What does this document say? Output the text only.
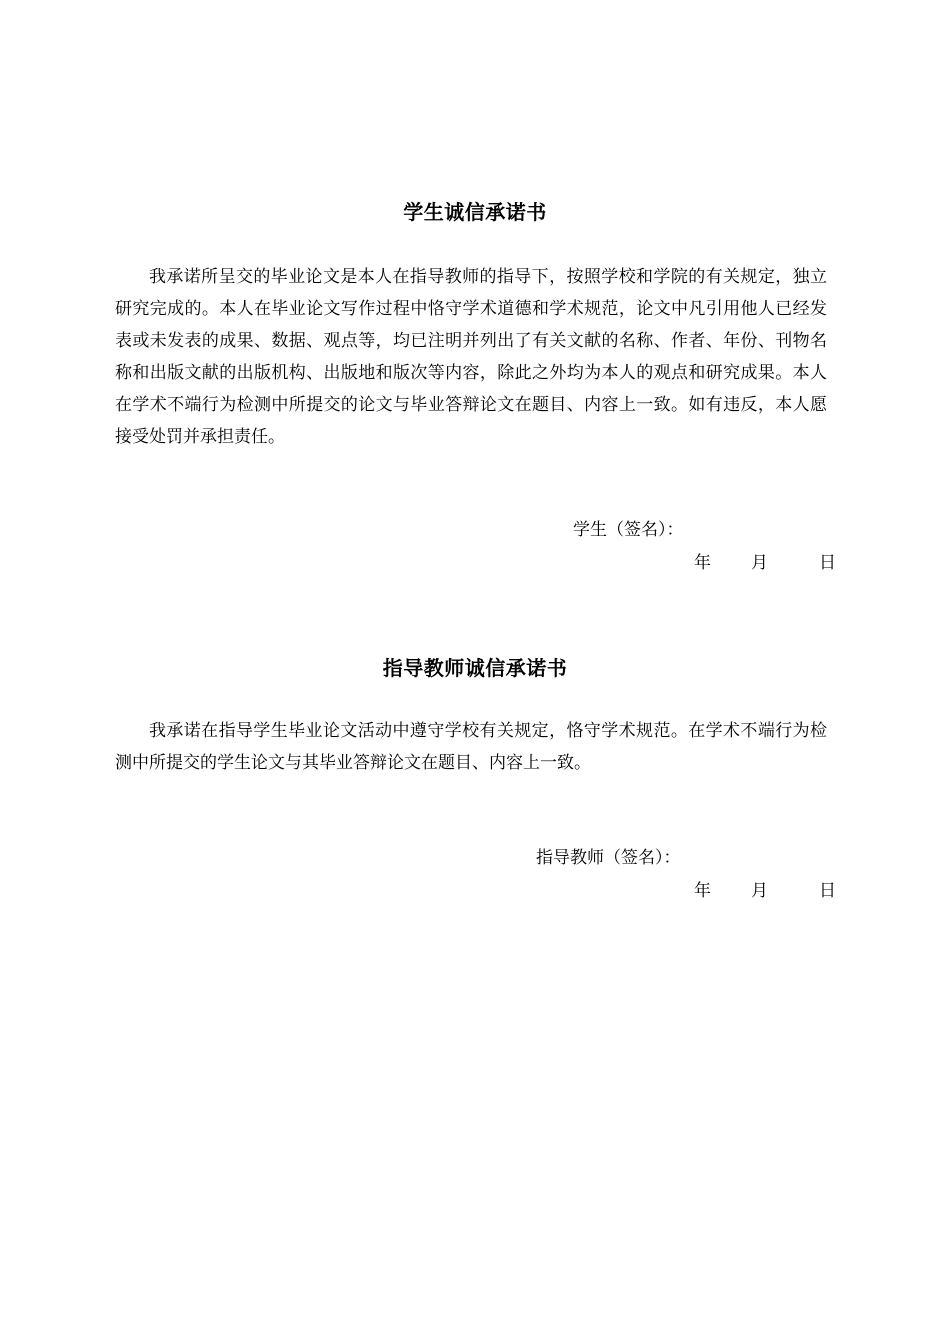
学生诚信承诺书

我承诺所呈交的毕业论文是本人在指导教师的指导下，按照学校和学院的有关规定，独立研究完成的。本人在毕业论文写作过程中恪守学术道德和学术规范，论文中凡引用他人已经发表或未发表的成果、数据、观点等，均已注明并列出了有关文献的名称、作者、年份、刊物名称和出版文献的出版机构、出版地和版次等内容，除此之外均为本人的观点和研究成果。本人在学术不端行为检测中所提交的论文与毕业答辩论文在题目、内容上一致。如有违反，本人愿接受处罚并承担责任。

学生（签名）：
年 月	日
指导教师诚信承诺书

我承诺在指导学生毕业论文活动中遵守学校有关规定，恪守学术规范。在学术不端行为检测中所提交的学生论文与其毕业答辩论文在题目、内容上一致。

指导教师（签名）：
年 月	日
